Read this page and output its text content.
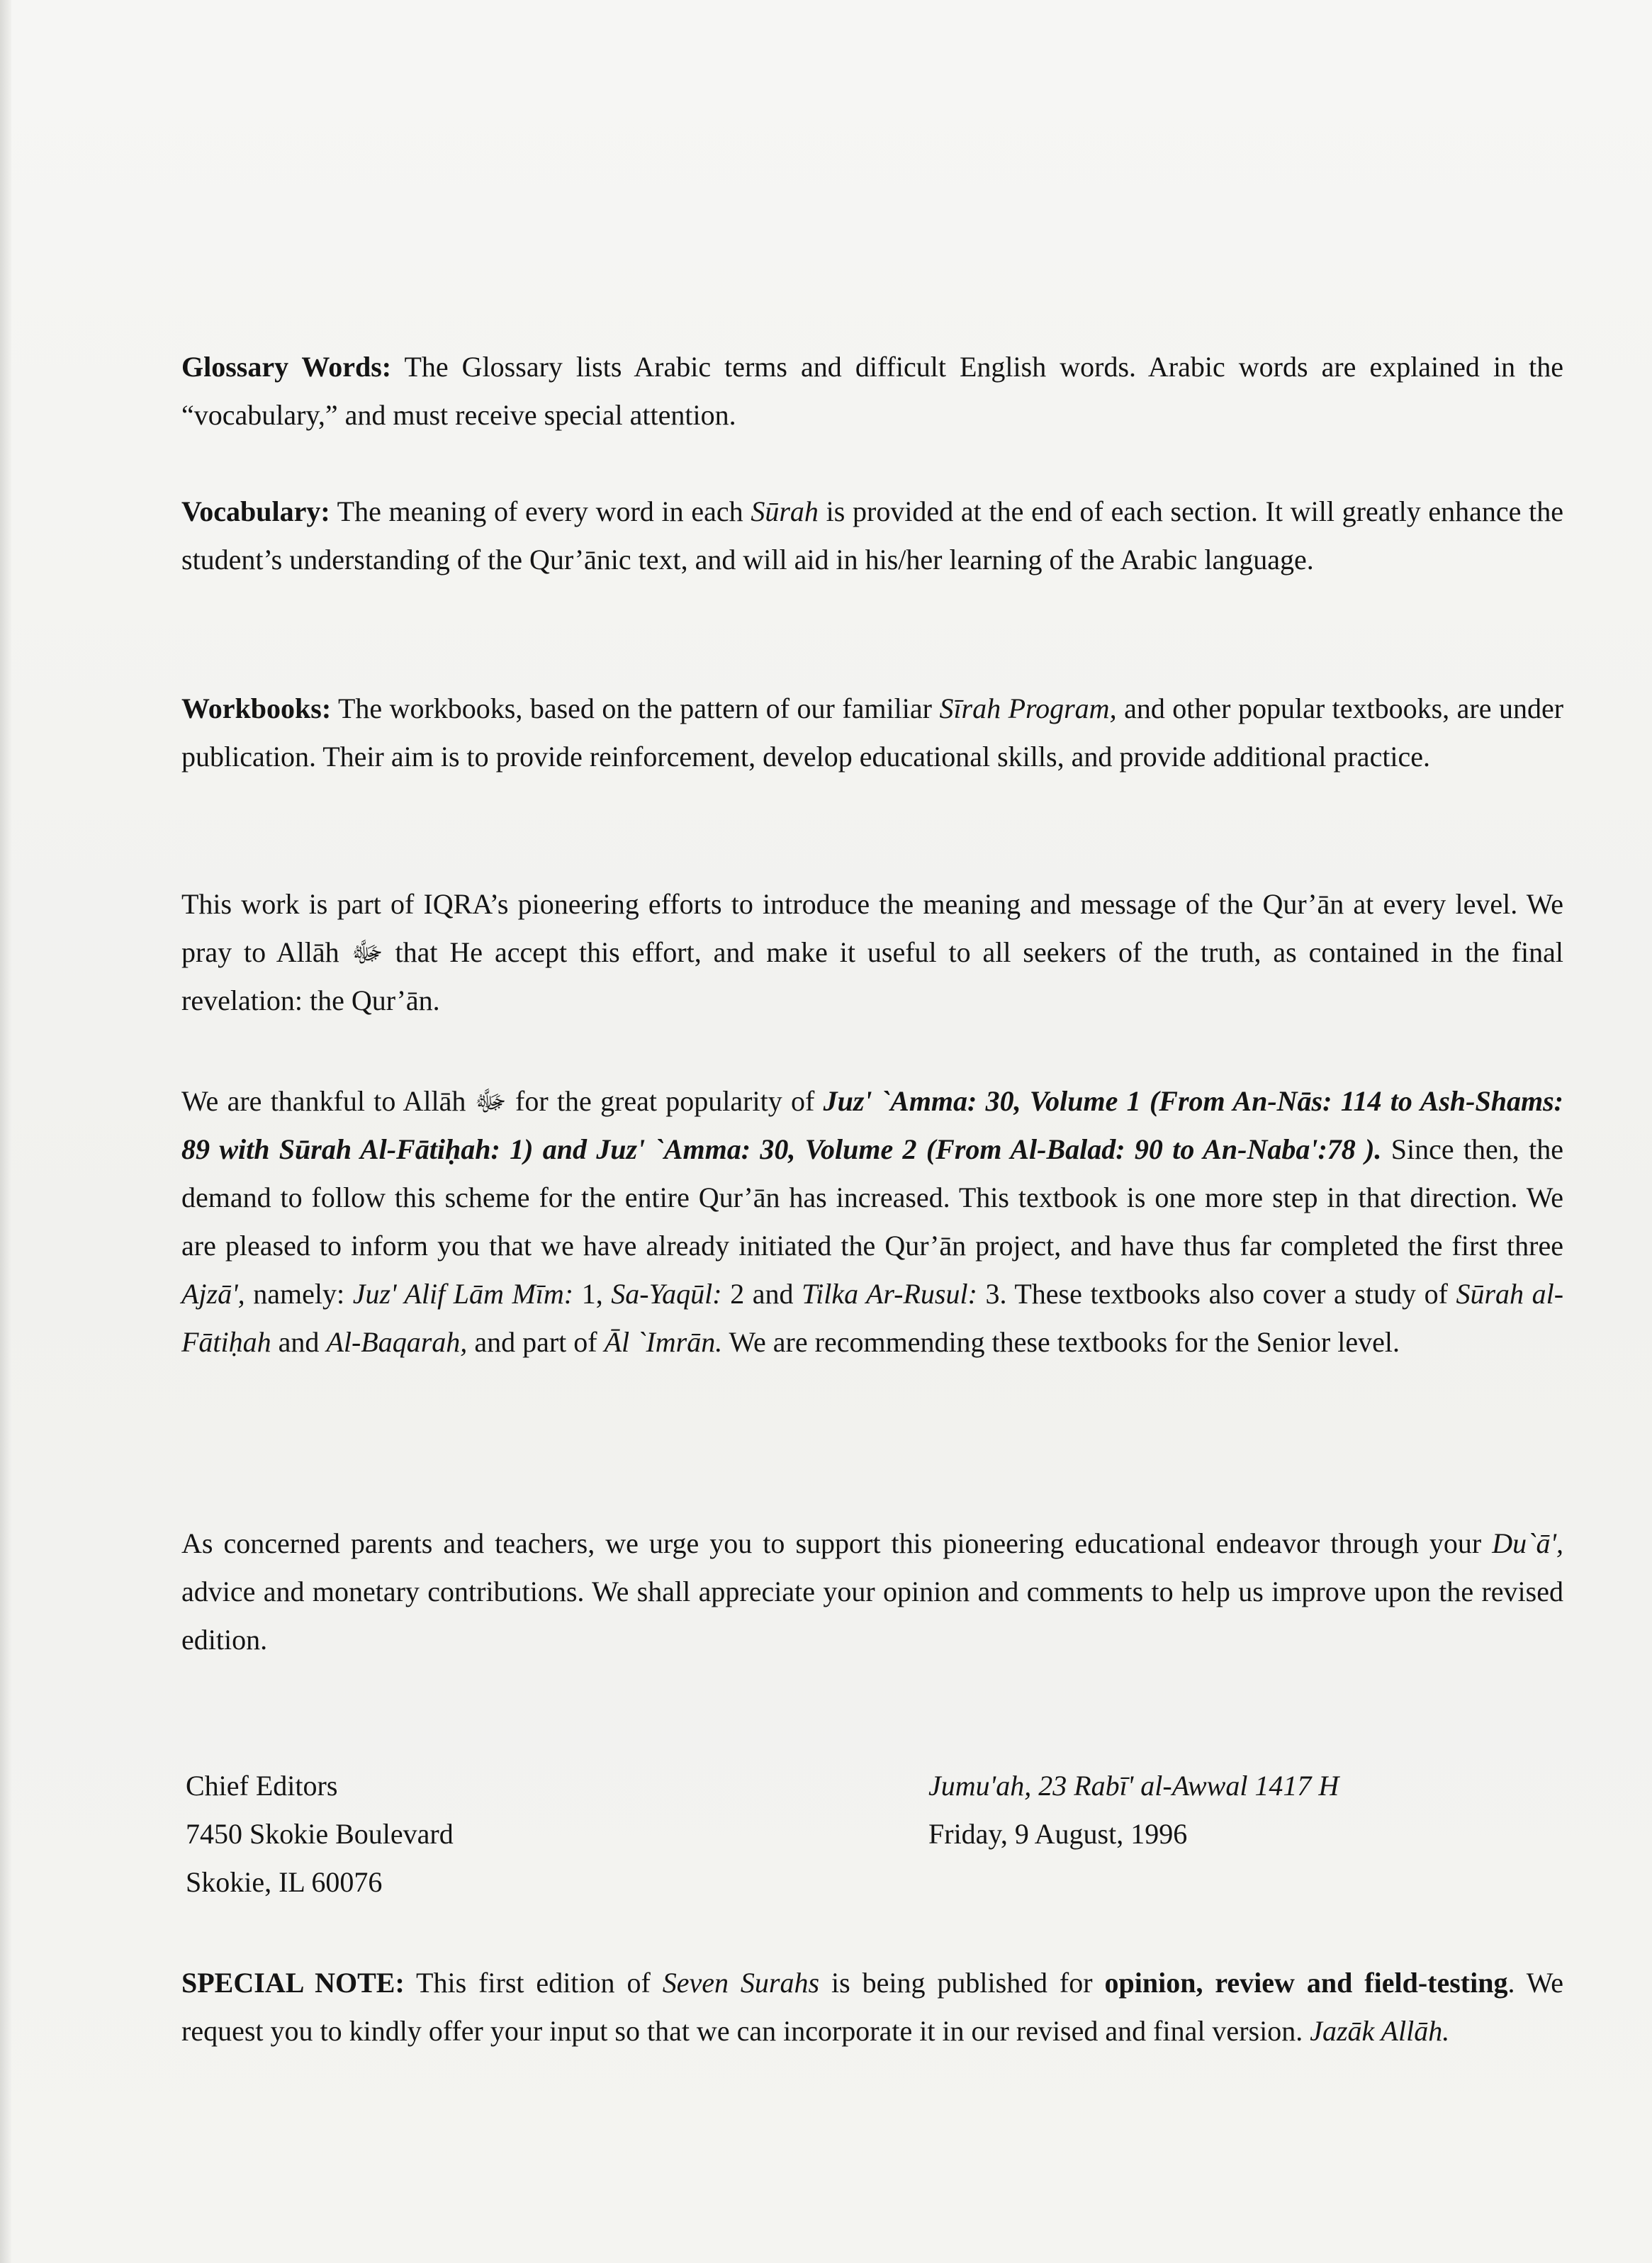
Glossary Words: The Glossary lists Arabic terms and difficult English words. Arabic words are explained in the “vocabulary,” and must receive special attention.

Vocabulary: The meaning of every word in each Sūrah is provided at the end of each section. It will greatly enhance the student’s understanding of the Qur’ānic text, and will aid in his/her learning of the Arabic language.

Workbooks: The workbooks, based on the pattern of our familiar Sīrah Program, and other popular textbooks, are under publication. Their aim is to provide reinforcement, develop educational skills, and provide additional practice.

This work is part of IQRA’s pioneering efforts to introduce the meaning and message of the Qur’ān at every level. We pray to Allāh ﷻ that He accept this effort, and make it useful to all seekers of the truth, as contained in the final revelation: the Qur’ān.

We are thankful to Allāh ﷻ for the great popularity of Juz' `Amma: 30, Volume 1 (From An-Nās: 114 to Ash-Shams: 89 with Sūrah Al-Fātiḥah: 1) and Juz' `Amma: 30, Volume 2 (From Al-Balad: 90 to An-Naba':78 ). Since then, the demand to follow this scheme for the entire Qur’ān has increased. This textbook is one more step in that direction. We are pleased to inform you that we have already initiated the Qur’ān project, and have thus far completed the first three Ajzā', namely: Juz' Alif Lām Mīm: 1, Sa-Yaqūl: 2 and Tilka Ar-Rusul: 3. These textbooks also cover a study of Sūrah al-Fātiḥah and Al-Baqarah, and part of Āl `Imrān. We are recommending these textbooks for the Senior level.

As concerned parents and teachers, we urge you to support this pioneering educational endeavor through your Du`ā', advice and monetary contributions. We shall appreciate your opinion and comments to help us improve upon the revised edition.

Chief Editors
7450 Skokie Boulevard
Skokie, IL 60076
Jumu'ah, 23 Rabī' al-Awwal 1417 H
Friday, 9 August, 1996

SPECIAL NOTE: This first edition of Seven Surahs is being published for opinion, review and field-testing. We request you to kindly offer your input so that we can incorporate it in our revised and final version. Jazāk Allāh.
